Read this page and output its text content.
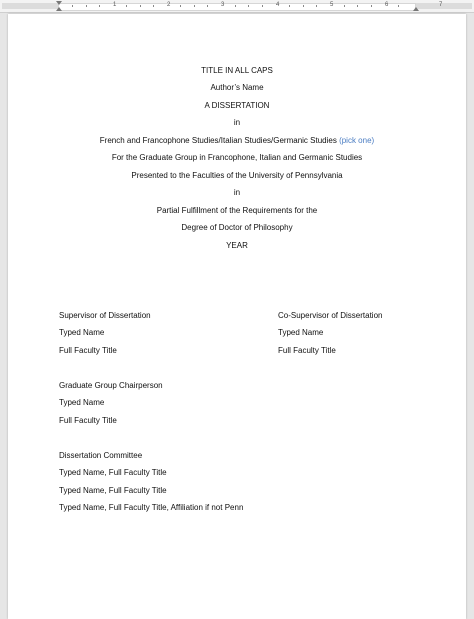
1	2	3	4	5	6	7
TITLE IN ALL CAPS
Author’s Name
A DISSERTATION
in
French and Francophone Studies/Italian Studies/Germanic Studies (pick one)
For the Graduate Group in Francophone, Italian and Germanic Studies
Presented to the Faculties of the University of Pennsylvania
in
Partial Fulfillment of the Requirements for the
Degree of Doctor of Philosophy
YEAR
Supervisor of Dissertation
Typed Name
Full Faculty Title
Co-Supervisor of Dissertation
Typed Name
Full Faculty Title
Graduate Group Chairperson
Typed Name
Full Faculty Title
Dissertation Committee
Typed Name, Full Faculty Title
Typed Name, Full Faculty Title
Typed Name, Full Faculty Title, Affiliation if not Penn
